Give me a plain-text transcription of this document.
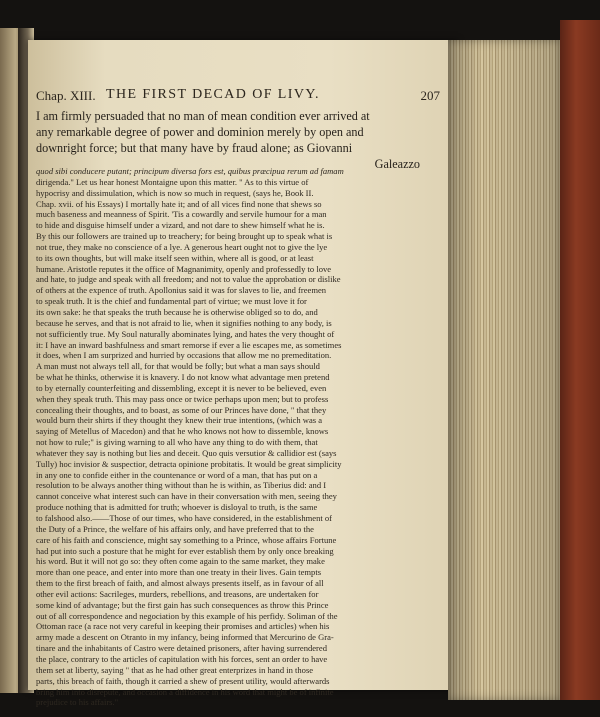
Chap. XIII. THE FIRST DECAD OF LIVY.	207
I am firmly persuaded that no man of mean condition ever arrived at
any remarkable degree of power and dominion merely by open and
downright force; but that many have by fraud alone; as Giovanni
Galeazzo
quod sibi conducere putant; principum diversa fors est, quibus præcipua rerum ad famam
dirigenda." Let us hear honest Montaigne upon this matter. " As to this virtue of
hypocrisy and dissimulation, which is now so much in request, (says he, Book II.
Chap. xvii. of his Essays) I mortally hate it; and of all vices find none that shews so
much baseness and meanness of Spirit. 'Tis a cowardly and servile humour for a man
to hide and disguise himself under a vizard, and not dare to shew himself what he is.
By this our followers are trained up to treachery; for being brought up to speak what is
not true, they make no conscience of a lye. A generous heart ought not to give the lye
to its own thoughts, but will make itself seen within, where all is good, or at least
humane. Aristotle reputes it the office of Magnanimity, openly and professedly to love
and hate, to judge and speak with all freedom; and not to value the approbation or dislike
of others at the expence of truth. Apollonius said it was for slaves to lie, and freemen
to speak truth. It is the chief and fundamental part of virtue; we must love it for
its own sake: he that speaks the truth because he is otherwise obliged so to do, and
because he serves, and that is not afraid to lie, when it signifies nothing to any body, is
not sufficiently true. My Soul naturally abominates lying, and hates the very thought of
it: I have an inward bashfulness and smart remorse if ever a lie escapes me, as sometimes
it does, when I am surprized and hurried by occasions that allow me no premeditation.
A man must not always tell all, for that would be folly; but what a man says should
be what he thinks, otherwise it is knavery. I do not know what advantage men pretend
to by eternally counterfeiting and dissembling, except it is never to be believed, even
when they speak truth. This may pass once or twice perhaps upon men; but to profess
concealing their thoughts, and to boast, as some of our Princes have done, " that they
would burn their shirts if they thought they knew their true intentions, (which was a
saying of Metellus of Macedon) and that he who knows not how to dissemble, knows
not how to rule;" is giving warning to all who have any thing to do with them, that
whatever they say is nothing but lies and deceit. Quo quis versutior & callidior est (says
Tully) hoc invisior & suspectior, detracta opinione probitatis. It would be great simplicity
in any one to confide either in the countenance or word of a man, that has put on a
resolution to be always another thing without than he is within, as Tiberius did: and I
cannot conceive what interest such can have in their conversation with men, seeing they
produce nothing that is admitted for truth; whoever is disloyal to truth, is the same
to falshood also.——Those of our times, who have considered, in the establishment of
the Duty of a Prince, the welfare of his affairs only, and have preferred that to the
care of his faith and conscience, might say something to a Prince, whose affairs Fortune
had put into such a posture that he might for ever establish them by only once breaking
his word. But it will not go so: they often come again to the same market, they make
more than one peace, and enter into more than one treaty in their lives. Gain tempts
them to the first breach of faith, and almost always presents itself, as in favour of all
other evil actions: Sacrileges, murders, rebellions, and treasons, are undertaken for
some kind of advantage; but the first gain has such consequences as throw this Prince
out of all correspondence and negociation by this example of his perfidy. Soliman of the
Ottoman race (a race not very careful in keeping their promises and articles) when his
army made a descent on Otranto in my infancy, being informed that Mercurino de Gra-
tinare and the inhabitants of Castro were detained prisoners, after having surrendered
the place, contrary to the articles of capitulation with his forces, sent an order to have
them set at liberty, saying " that as he had other great enterprizes in hand in those
parts, this breach of faith, though it carried a shew of present utility, would afterwards
bring him into disrepute, and occasion a diffidence in his word that might be of infinite
prejudice to his affairs."
